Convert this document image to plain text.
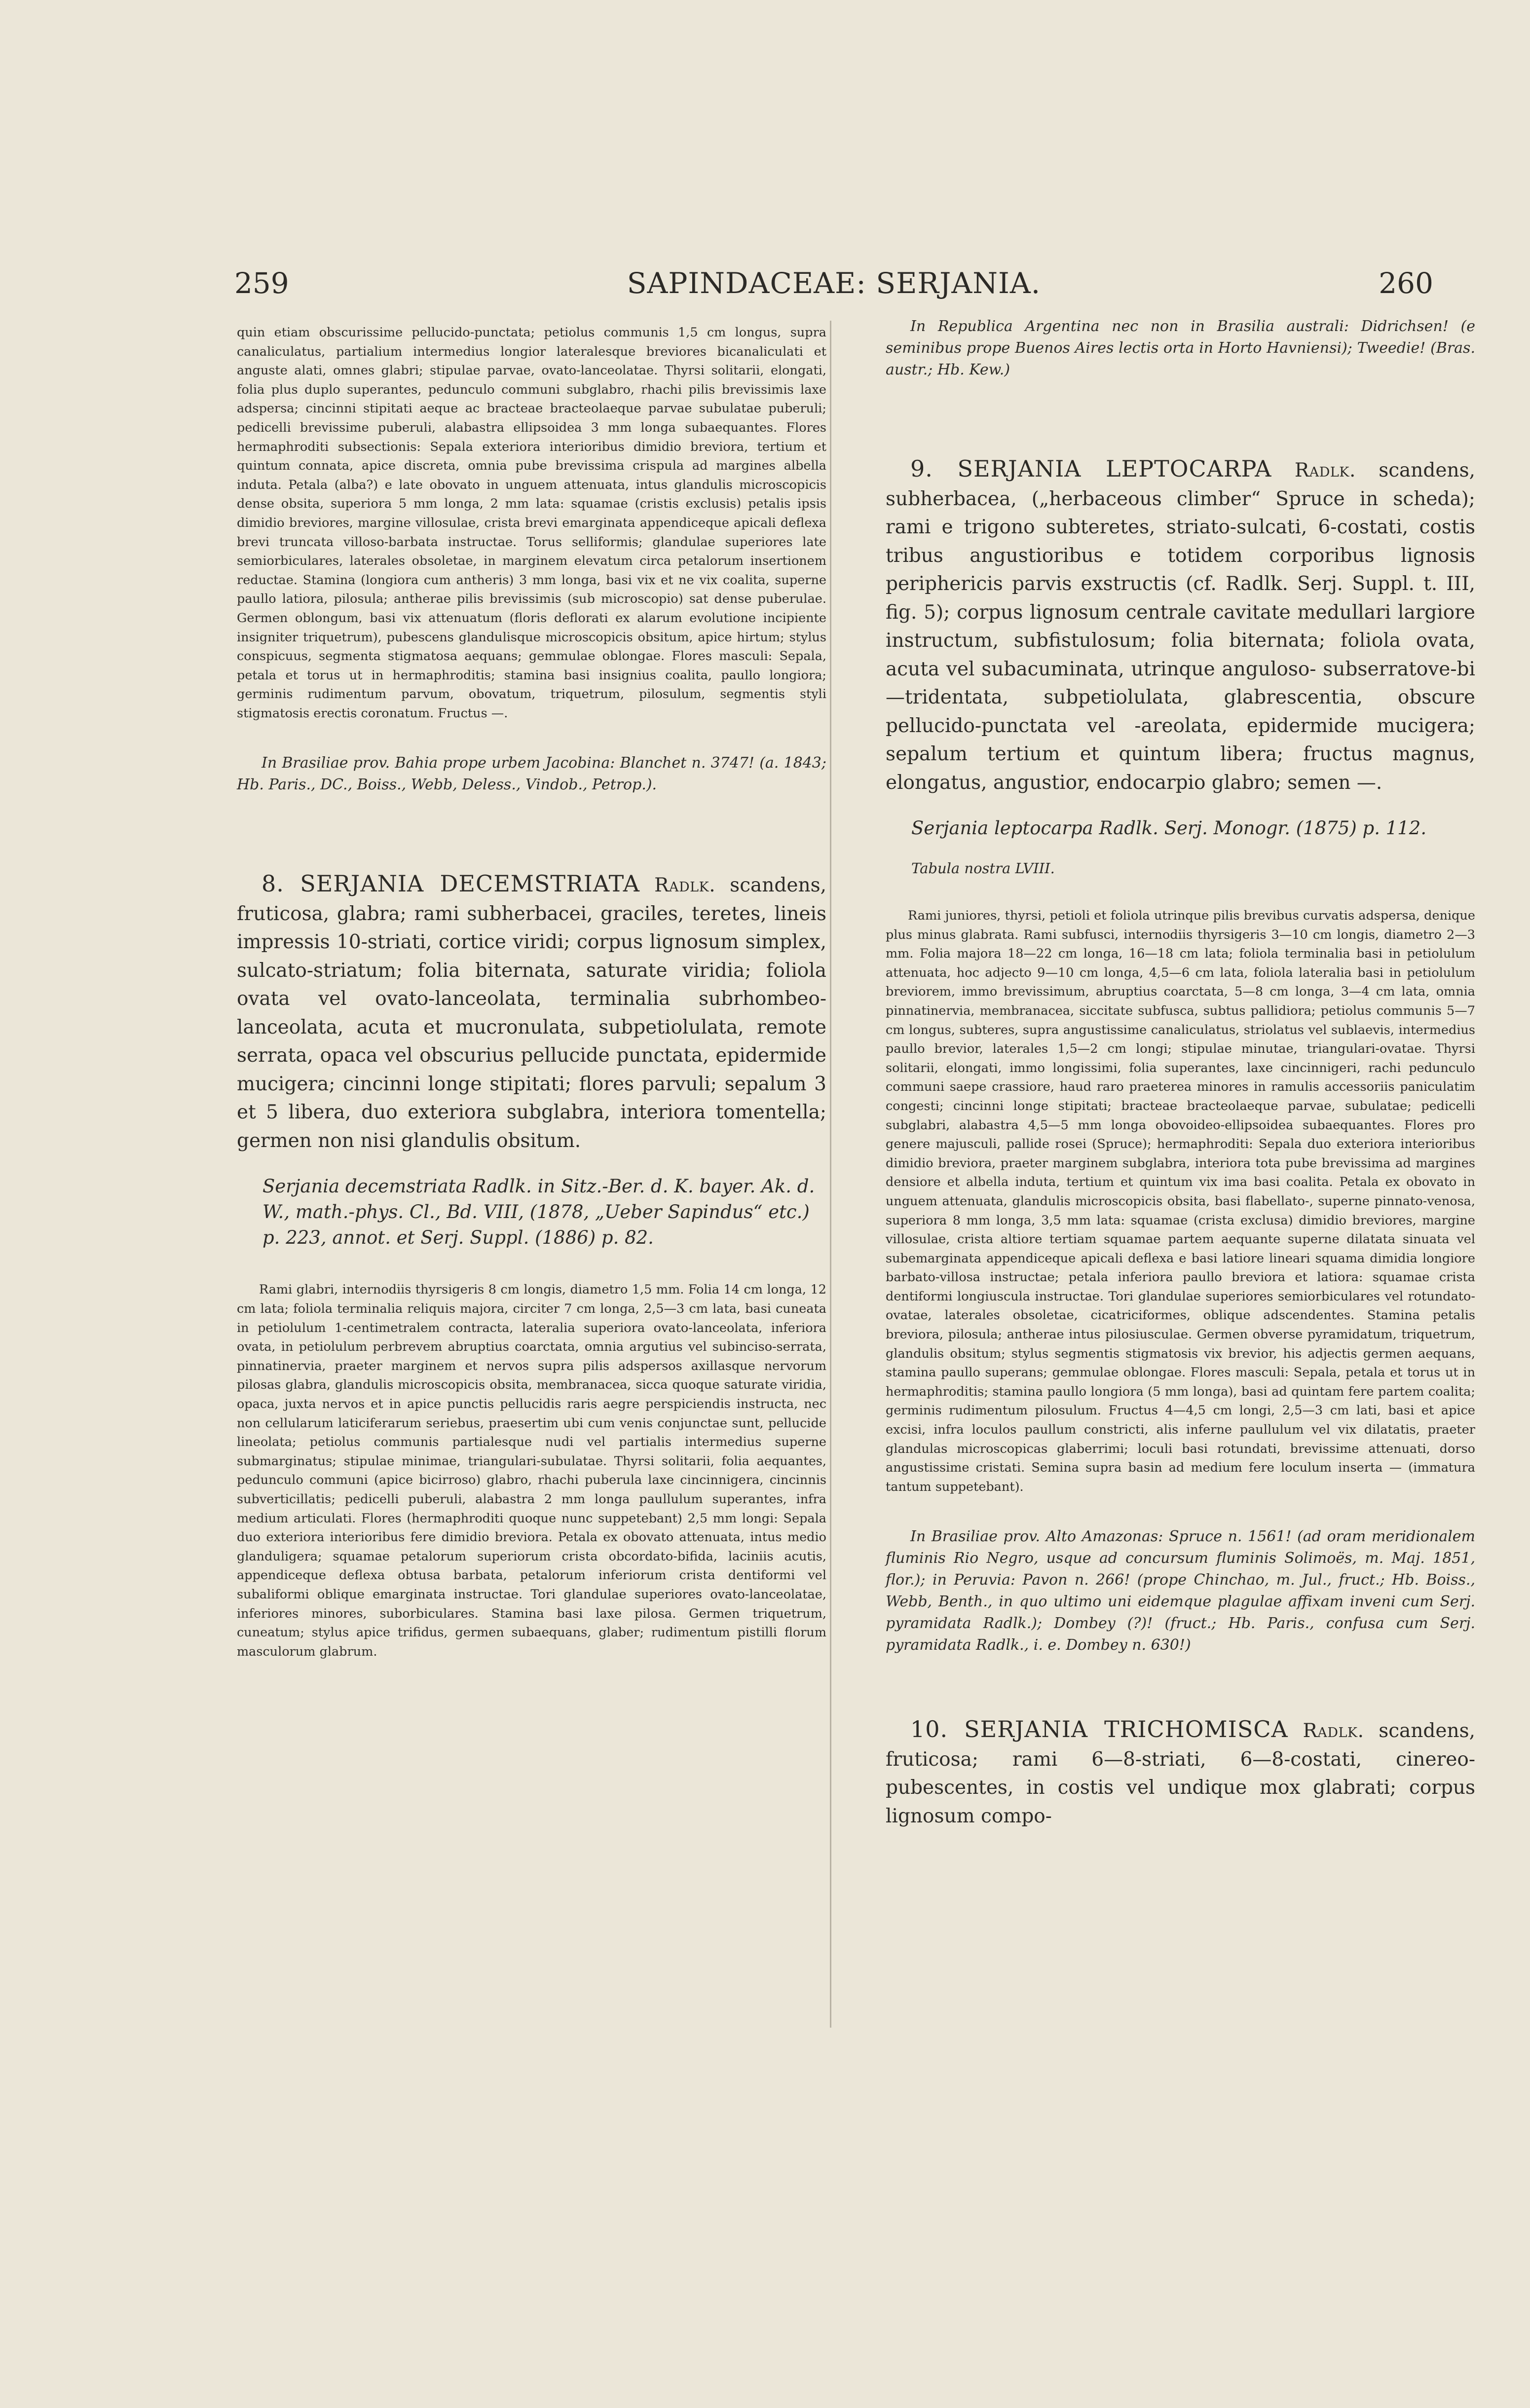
259	SAPINDACEAE: SERJANIA.	260

quin etiam obscurissime pellucido-punctata; petiolus communis 1,5 cm longus, supra canaliculatus, partialium intermedius longior lateralesque breviores bicanaliculati et anguste alati, omnes glabri; stipulae parvae, ovato-lanceolatae. Thyrsi solitarii, elongati, folia plus duplo superantes, pedunculo communi subglabro, rhachi pilis brevissimis laxe adspersa; cincinni stipitati aeque ac bracteae bracteolaeque parvae subulatae puberuli; pedicelli brevissime puberuli, alabastra ellipsoidea 3 mm longa subaequantes. Flores hermaphroditi subsectionis: Sepala exteriora interioribus dimidio breviora, tertium et quintum connata, apice discreta, omnia pube brevissima crispula ad margines albella induta. Petala (alba?) e late obovato in unguem attenuata, intus glandulis microscopicis dense obsita, superiora 5 mm longa, 2 mm lata: squamae (cristis exclusis) petalis ipsis dimidio breviores, margine villosulae, crista brevi emarginata appendiceque apicali deflexa brevi truncata villoso-barbata instructae. Torus selliformis; glandulae superiores late semiorbiculares, laterales obsoletae, in marginem elevatum circa petalorum insertionem reductae. Stamina (longiora cum antheris) 3 mm longa, basi vix et ne vix coalita, superne paullo latiora, pilosula; antherae pilis brevissimis (sub microscopio) sat dense puberulae. Germen oblongum, basi vix attenuatum (floris deflorati ex alarum evolutione incipiente insigniter triquetrum), pubescens glandulisque microscopicis obsitum, apice hirtum; stylus conspicuus, segmenta stigmatosa aequans; gemmulae oblongae. Flores masculi: Sepala, petala et torus ut in hermaphroditis; stamina basi insignius coalita, paullo longiora; germinis rudimentum parvum, obovatum, triquetrum, pilosulum, segmentis styli stigmatosis erectis coronatum. Fructus —.

In Brasiliae prov. Bahia prope urbem Jacobina: Blanchet n. 3747! (a. 1843; Hb. Paris., DC., Boiss., Webb, Deless., Vindob., Petrop.).

8. SERJANIA DECEMSTRIATA Radlk. scandens, fruticosa, glabra; rami subherbacei, graciles, teretes, lineis impressis 10-striati, cortice viridi; corpus lignosum simplex, sulcato-striatum; folia biternata, saturate viridia; foliola ovata vel ovato-lanceolata, terminalia subrhombeo-lanceolata, acuta et mucronulata, subpetiolulata, remote serrata, opaca vel obscurius pellucide punctata, epidermide mucigera; cincinni longe stipitati; flores parvuli; sepalum 3 et 5 libera, duo exteriora subglabra, interiora tomentella; germen non nisi glandulis obsitum.

Serjania decemstriata Radlk. in Sitz.-Ber. d. K. bayer. Ak. d. W., math.-phys. Cl., Bd. VIII, (1878, „Ueber Sapindus“ etc.) p. 223, annot. et Serj. Suppl. (1886) p. 82.

Rami glabri, internodiis thyrsigeris 8 cm longis, diametro 1,5 mm. Folia 14 cm longa, 12 cm lata; foliola terminalia reliquis majora, circiter 7 cm longa, 2,5—3 cm lata, basi cuneata in petiolulum 1-centimetralem contracta, lateralia superiora ovato-lanceolata, inferiora ovata, in petiolulum perbrevem abruptius coarctata, omnia argutius vel subinciso-serrata, pinnatinervia, praeter marginem et nervos supra pilis adspersos axillasque nervorum pilosas glabra, glandulis microscopicis obsita, membranacea, sicca quoque saturate viridia, opaca, juxta nervos et in apice punctis pellucidis raris aegre perspiciendis instructa, nec non cellularum laticiferarum seriebus, praesertim ubi cum venis conjunctae sunt, pellucide lineolata; petiolus communis partialesque nudi vel partialis intermedius superne submarginatus; stipulae minimae, triangulari-subulatae. Thyrsi solitarii, folia aequantes, pedunculo communi (apice bicirroso) glabro, rhachi puberula laxe cincinnigera, cincinnis subverticillatis; pedicelli puberuli, alabastra 2 mm longa paullulum superantes, infra medium articulati. Flores (hermaphroditi quoque nunc suppetebant) 2,5 mm longi: Sepala duo exteriora interioribus fere dimidio breviora. Petala ex obovato attenuata, intus medio glanduligera; squamae petalorum superiorum crista obcordato-bifida, laciniis acutis, appendiceque deflexa obtusa barbata, petalorum inferiorum crista dentiformi vel subaliformi oblique emarginata instructae. Tori glandulae superiores ovato-lanceolatae, inferiores minores, suborbiculares. Stamina basi laxe pilosa. Germen triquetrum, cuneatum; stylus apice trifidus, germen subaequans, glaber; rudimentum pistilli florum masculorum glabrum.

In Republica Argentina nec non in Brasilia australi: Didrichsen! (e seminibus prope Buenos Aires lectis orta in Horto Havniensi); Tweedie! (Bras. austr.; Hb. Kew.)

9. SERJANIA LEPTOCARPA Radlk. scandens, subherbacea, („herbaceous climber“ Spruce in scheda); rami e trigono subteretes, striato-sulcati, 6-costati, costis tribus angustioribus e totidem corporibus lignosis periphericis parvis exstructis (cf. Radlk. Serj. Suppl. t. III, fig. 5); corpus lignosum centrale cavitate medullari largiore instructum, subfistulosum; folia biternata; foliola ovata, acuta vel subacuminata, utrinque anguloso- subserratove-bi—tridentata, subpetiolulata, glabrescentia, obscure pellucido-punctata vel -areolata, epidermide mucigera; sepalum tertium et quintum libera; fructus magnus, elongatus, angustior, endocarpio glabro; semen —.

Serjania leptocarpa Radlk. Serj. Monogr. (1875) p. 112.

Tabula nostra LVIII.

Rami juniores, thyrsi, petioli et foliola utrinque pilis brevibus curvatis adspersa, denique plus minus glabrata. Rami subfusci, internodiis thyrsigeris 3—10 cm longis, diametro 2—3 mm. Folia majora 18—22 cm longa, 16—18 cm lata; foliola terminalia basi in petiolulum attenuata, hoc adjecto 9—10 cm longa, 4,5—6 cm lata, foliola lateralia basi in petiolulum breviorem, immo brevissimum, abruptius coarctata, 5—8 cm longa, 3—4 cm lata, omnia pinnatinervia, membranacea, siccitate subfusca, subtus pallidiora; petiolus communis 5—7 cm longus, subteres, supra angustissime canaliculatus, striolatus vel sublaevis, intermedius paullo brevior, laterales 1,5—2 cm longi; stipulae minutae, triangulari-ovatae. Thyrsi solitarii, elongati, immo longissimi, folia superantes, laxe cincinnigeri, rachi pedunculo communi saepe crassiore, haud raro praeterea minores in ramulis accessoriis paniculatim congesti; cincinni longe stipitati; bracteae bracteolaeque parvae, subulatae; pedicelli subglabri, alabastra 4,5—5 mm longa obovoideo-ellipsoidea subaequantes. Flores pro genere majusculi, pallide rosei (Spruce); hermaphroditi: Sepala duo exteriora interioribus dimidio breviora, praeter marginem subglabra, interiora tota pube brevissima ad margines densiore et albella induta, tertium et quintum vix ima basi coalita. Petala ex obovato in unguem attenuata, glandulis microscopicis obsita, basi flabellato-, superne pinnato-venosa, superiora 8 mm longa, 3,5 mm lata: squamae (crista exclusa) dimidio breviores, margine villosulae, crista altiore tertiam squamae partem aequante superne dilatata sinuata vel subemarginata appendiceque apicali deflexa e basi latiore lineari squama dimidia longiore barbato-villosa instructae; petala inferiora paullo breviora et latiora: squamae crista dentiformi longiuscula instructae. Tori glandulae superiores semiorbiculares vel rotundato-ovatae, laterales obsoletae, cicatriciformes, oblique adscendentes. Stamina petalis breviora, pilosula; antherae intus pilosiusculae. Germen obverse pyramidatum, triquetrum, glandulis obsitum; stylus segmentis stigmatosis vix brevior, his adjectis germen aequans, stamina paullo superans; gemmulae oblongae. Flores masculi: Sepala, petala et torus ut in hermaphroditis; stamina paullo longiora (5 mm longa), basi ad quintam fere partem coalita; germinis rudimentum pilosulum. Fructus 4—4,5 cm longi, 2,5—3 cm lati, basi et apice excisi, infra loculos paullum constricti, alis inferne paullulum vel vix dilatatis, praeter glandulas microscopicas glaberrimi; loculi basi rotundati, brevissime attenuati, dorso angustissime cristati. Semina supra basin ad medium fere loculum inserta — (immatura tantum suppetebant).

In Brasiliae prov. Alto Amazonas: Spruce n. 1561! (ad oram meridionalem fluminis Rio Negro, usque ad concursum fluminis Solimoës, m. Maj. 1851, flor.); in Peruvia: Pavon n. 266! (prope Chinchao, m. Jul., fruct.; Hb. Boiss., Webb, Benth., in quo ultimo uni eidemque plagulae affixam inveni cum Serj. pyramidata Radlk.); Dombey (?)! (fruct.; Hb. Paris., confusa cum Serj. pyramidata Radlk., i. e. Dombey n. 630!)

10. SERJANIA TRICHOMISCA Radlk. scandens, fruticosa; rami 6—8-striati, 6—8-costati, cinereo-pubescentes, in costis vel undique mox glabrati; corpus lignosum compo-
